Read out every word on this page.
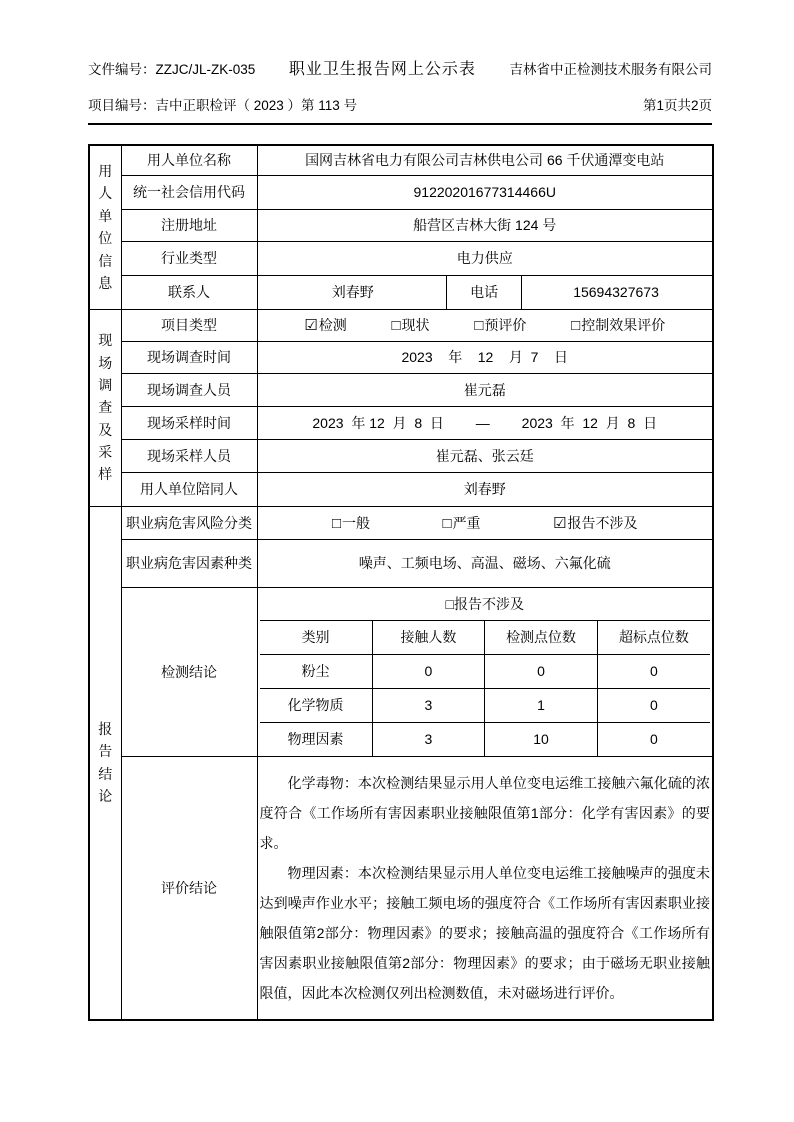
文件编号：ZZJC/JL-ZK-035 职业卫生报告网上公示表 吉林省中正检测技术服务有限公司
项目编号：吉中正职检评（ 2023 ）第 113 号	第1页共2页
用人单位信息
	用人单位名称	国网吉林省电力有限公司吉林供电公司 66 千伏通潭变电站
统一社会信用代码	91220201677314466U
注册地址	船营区吉林大街 124 号
行业类型	电力供应
联系人	刘春野	电话	15694327673

现场调查及采样
	项目类型	☑检测	□现状	□预评价	□控制效果评价

现场调查时间	2023    年    12    月  7    日
现场调查人员	崔元磊
现场采样时间	2023  年 12  月  8  日　 　—　 　2023  年  12  月  8  日
现场采样人员	崔元磊、张云廷
用人单位陪同人	刘春野

报告结论
	职业病危害风险分类	□一般	□严重	☑报告不涉及

职业病危害因素种类	噪声、工频电场、高温、磁场、六氟化硫
检测结论	
□报告不涉及
类别	接触人数	检测点位数	超标点位数
粉尘	0	0	0
化学物质	3	1	0
物理因素	3	10	0

评价结论	

化学毒物：本次检测结果显示用人单位变电运维工接触六氟化硫的浓度符合《工作场所有害因素职业接触限值第1部分：化学有害因素》的要求。

物理因素：本次检测结果显示用人单位变电运维工接触噪声的强度未达到噪声作业水平；接触工频电场的强度符合《工作场所有害因素职业接触限值第2部分：物理因素》的要求；接触高温的强度符合《工作场所有害因素职业接触限值第2部分：物理因素》的要求；由于磁场无职业接触限值，因此本次检测仅列出检测数值，未对磁场进行评价。
